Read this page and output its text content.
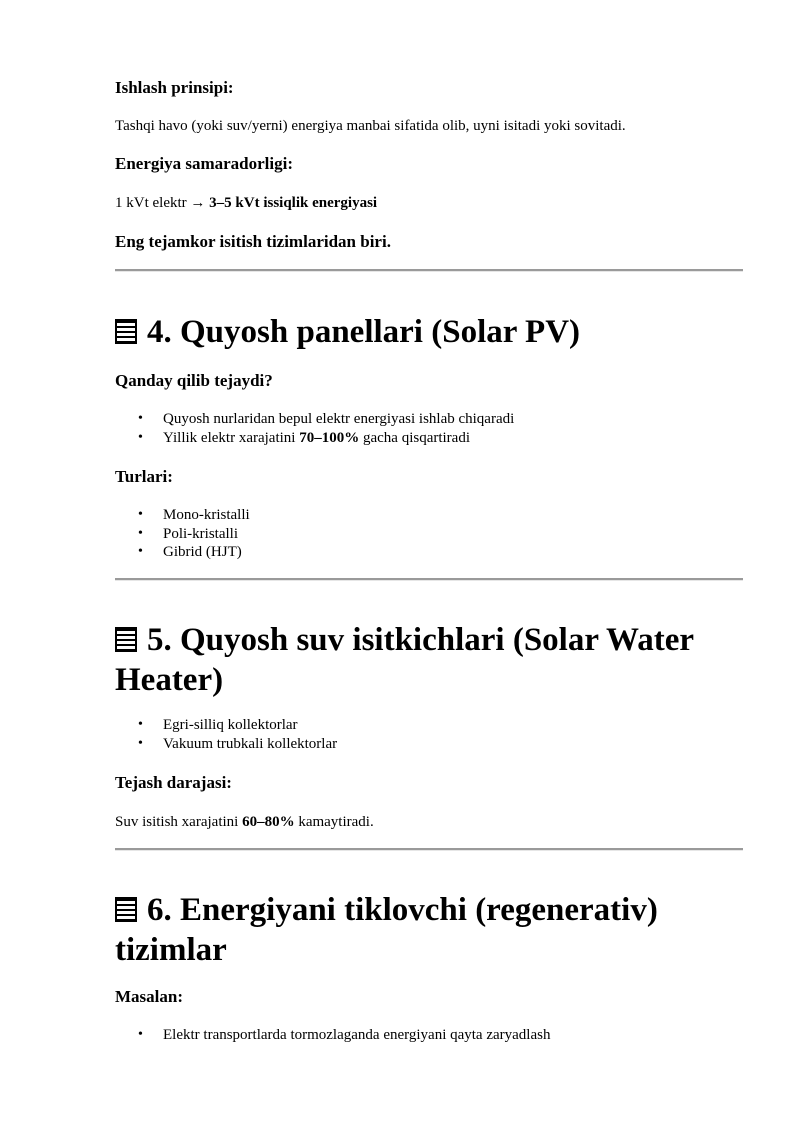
Ishlash prinsipi:

Tashqi havo (yoki suv/yerni) energiya manbai sifatida olib, uyni isitadi yoki sovitadi.

Energiya samaradorligi:

1 kVt elektr → 3–5 kVt issiqlik energiyasi

Eng tejamkor isitish tizimlaridan biri.

4. Quyosh panellari (Solar PV)

Qanday qilib tejaydi?

• Quyosh nurlaridan bepul elektr energiyasi ishlab chiqaradi
• Yillik elektr xarajatini 70–100% gacha qisqartiradi

Turlari:

• Mono-kristalli
• Poli-kristalli
• Gibrid (HJT)
5. Quyosh suv isitkichlari (Solar Water Heater)
• Egri-silliq kollektorlar
• Vakuum trubkali kollektorlar

Tejash darajasi:

Suv isitish xarajatini 60–80% kamaytiradi.

6. Energiyani tiklovchi (regenerativ) tizimlar

Masalan:

• Elektr transportlarda tormozlaganda energiyani qayta zaryadlash
